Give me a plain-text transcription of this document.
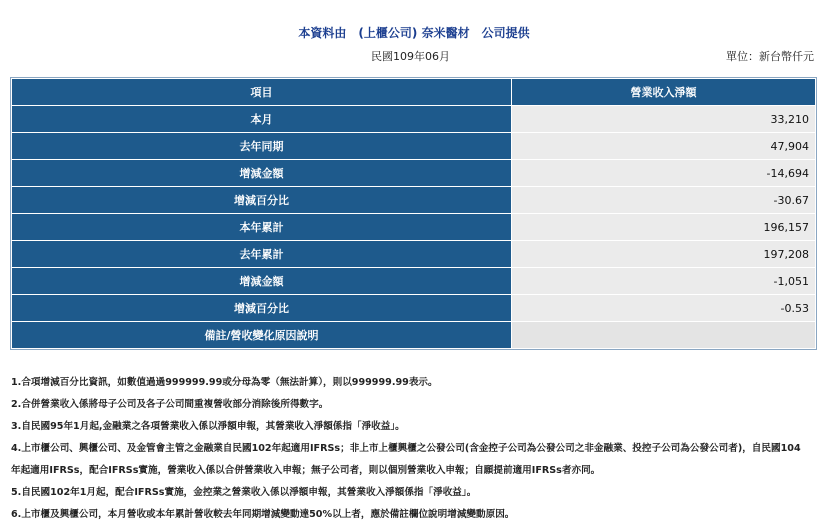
本資料由　(上櫃公司) 奈米醫材　公司提供
民國109年06月	單位：新台幣仟元
項目	營業收入淨額
本月	33,210
去年同期	47,904
增減金額	-14,694
增減百分比	-30.67
本年累計	196,157
去年累計	197,208
增減金額	-1,051
增減百分比	-0.53
備註/營收變化原因說明	

1.合項增減百分比資訊，如數值過過999999.99或分母為零（無法計算），則以999999.99表示。

2.合併營業收入係將母子公司及各子公司間重複營收部分消除後所得數字。

3.自民國95年1月起,金融業之各項營業收入係以淨額申報，其營業收入淨額係指「淨收益」。

4.上市櫃公司、興櫃公司、及金管會主管之金融業自民國102年起適用IFRSs；非上市上櫃興櫃之公發公司(含金控子公司為公發公司之非金融業、投控子公司為公發公司者)，自民國104

年起適用IFRSs，配合IFRSs實施，營業收入係以合併營業收入申報；無子公司者，則以個別營業收入申報；自願提前適用IFRSs者亦同。

5.自民國102年1月起，配合IFRSs實施，金控業之營業收入係以淨額申報，其營業收入淨額係指「淨收益」。

6.上市櫃及興櫃公司，本月營收或本年累計營收較去年同期增減變動達50%以上者，應於備註欄位說明增減變動原因。
